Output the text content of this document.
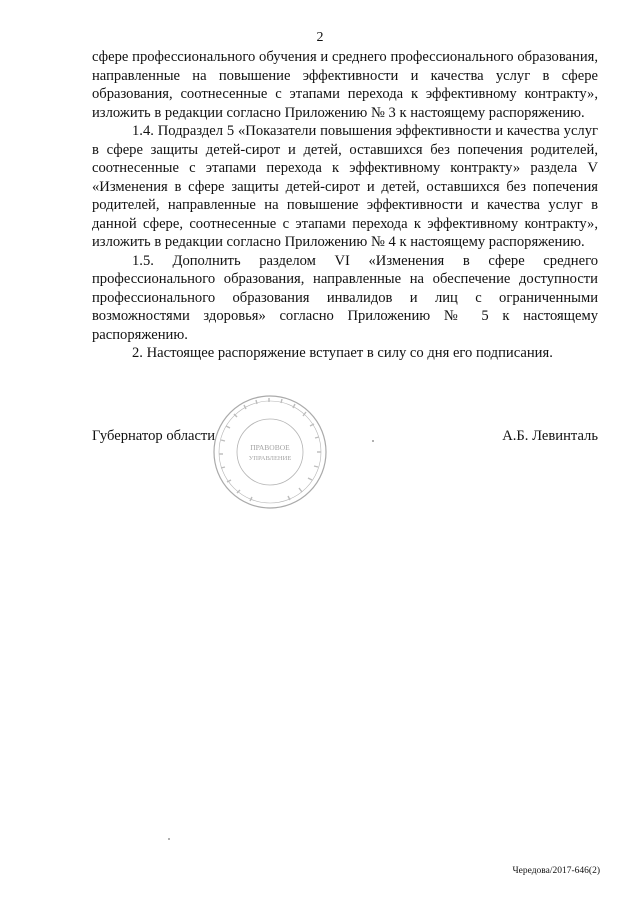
2

сфере профессионального обучения и среднего профессионального образования, направленные на повышение эффективности и качества услуг в сфере образования, соотнесенные с этапами перехода к эффективному контракту», изложить в редакции согласно Приложению № 3 к настоящему распоряжению.

1.4. Подраздел 5 «Показатели повышения эффективности и качества услуг в сфере защиты детей-сирот и детей, оставшихся без попечения родителей, соотнесенные с этапами перехода к эффективному контракту» раздела V «Изменения в сфере защиты детей-сирот и детей, оставшихся без попечения родителей, направленные на повышение эффективности и качества услуг в данной сфере, соотнесенные с этапами перехода к эффективному контракту», изложить в редакции согласно Приложению № 4 к настоящему распоряжению.

1.5. Дополнить разделом VI «Изменения в сфере среднего профессионального образования, направленные на обеспечение доступности профессионального образования инвалидов и лиц с ограниченными возможностями здоровья» согласно Приложению № 5 к настоящему распоряжению.

2. Настоящее распоряжение вступает в силу со дня его подписания.

Губернатор области	А.Б. Левинталь
ПРАВОВОЕ
УПРАВЛЕНИЕ
Чередова/2017-646(2)
